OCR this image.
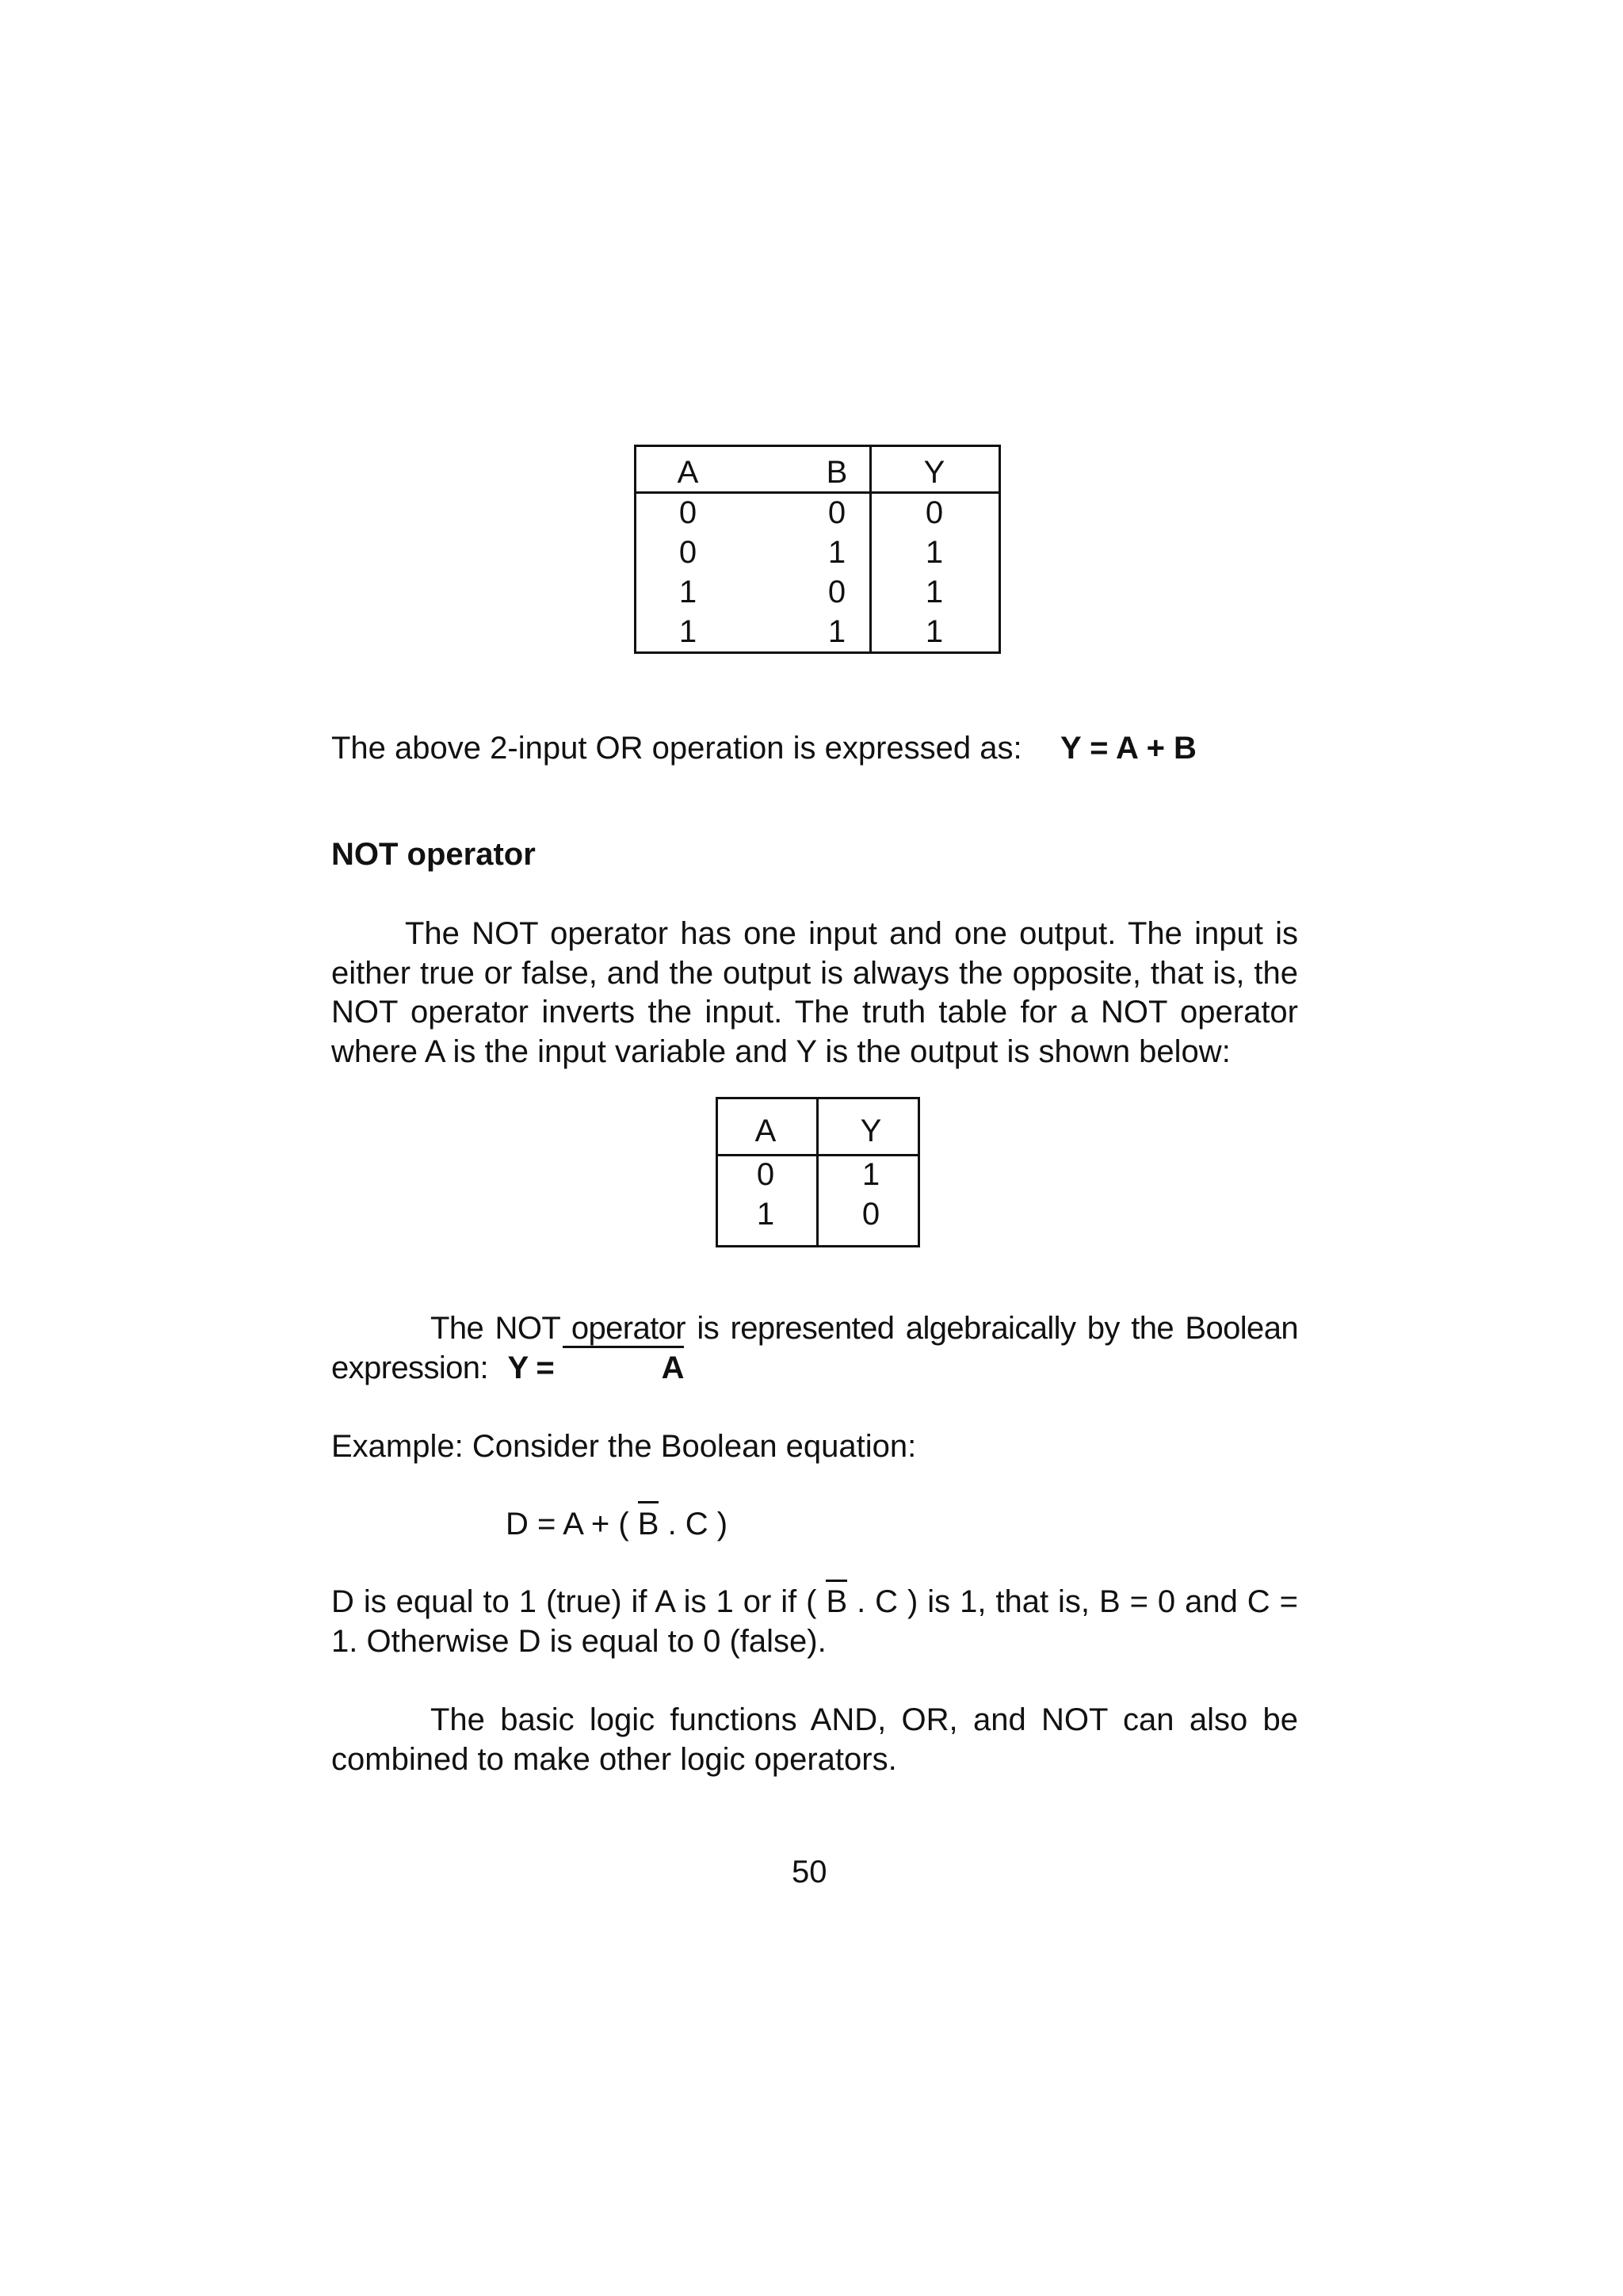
A	B	Y
0	0	0
0	1	1
1	0	1
1	1	1
The above 2-input OR operation is expressed as: Y = A + B
NOT operator
The NOT operator has one input and one output. The input is either true or false, and the output is always the opposite, that is, the NOT operator inverts the input. The truth table for a NOT operator where A is the input variable and Y is the output is shown below:
A	Y
0	1
1	0
The NOT operator is represented algebraically by the Boolean expression: Y =	A
Example: Consider the Boolean equation:
D = A + ( B . C )
D is equal to 1 (true) if A is 1 or if ( B . C ) is 1, that is, B = 0 and C = 1. Otherwise D is equal to 0 (false).
The basic logic functions AND, OR, and NOT can also be combined to make other logic operators.
50
